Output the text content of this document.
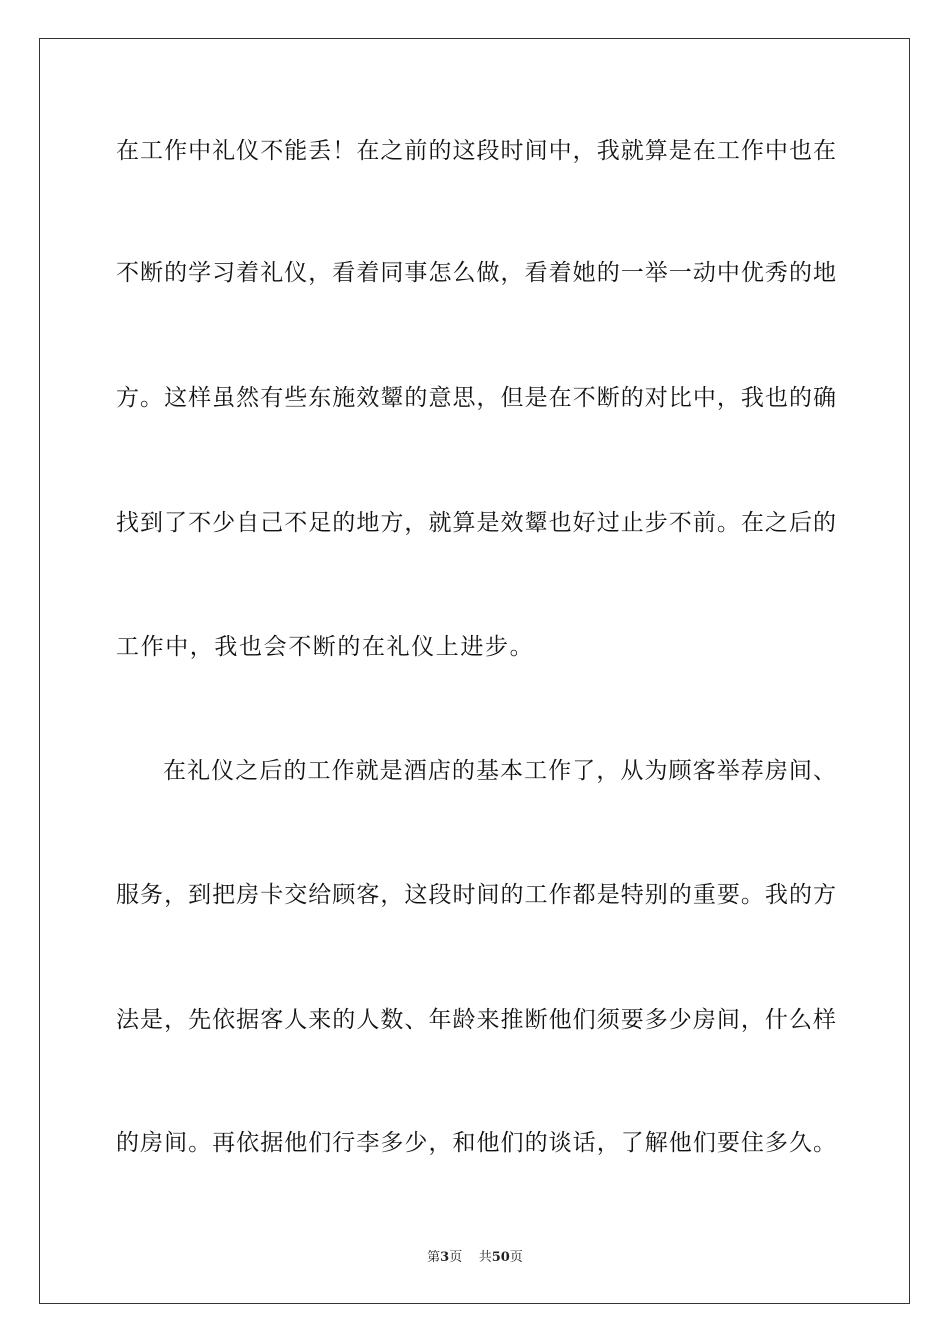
在工作中礼仪不能丢！在之前的这段时间中，我就算是在工作中也在
不断的学习着礼仪，看着同事怎么做，看着她的一举一动中优秀的地
方。这样虽然有些东施效颦的意思，但是在不断的对比中，我也的确
找到了不少自己不足的地方，就算是效颦也好过止步不前。在之后的
工作中，我也会不断的在礼仪上进步。
在礼仪之后的工作就是酒店的基本工作了，从为顾客举荐房间、
服务，到把房卡交给顾客，这段时间的工作都是特别的重要。我的方
法是，先依据客人来的人数、年龄来推断他们须要多少房间，什么样
的房间。再依据他们行李多少，和他们的谈话，了解他们要住多久。
第3页 共50页
